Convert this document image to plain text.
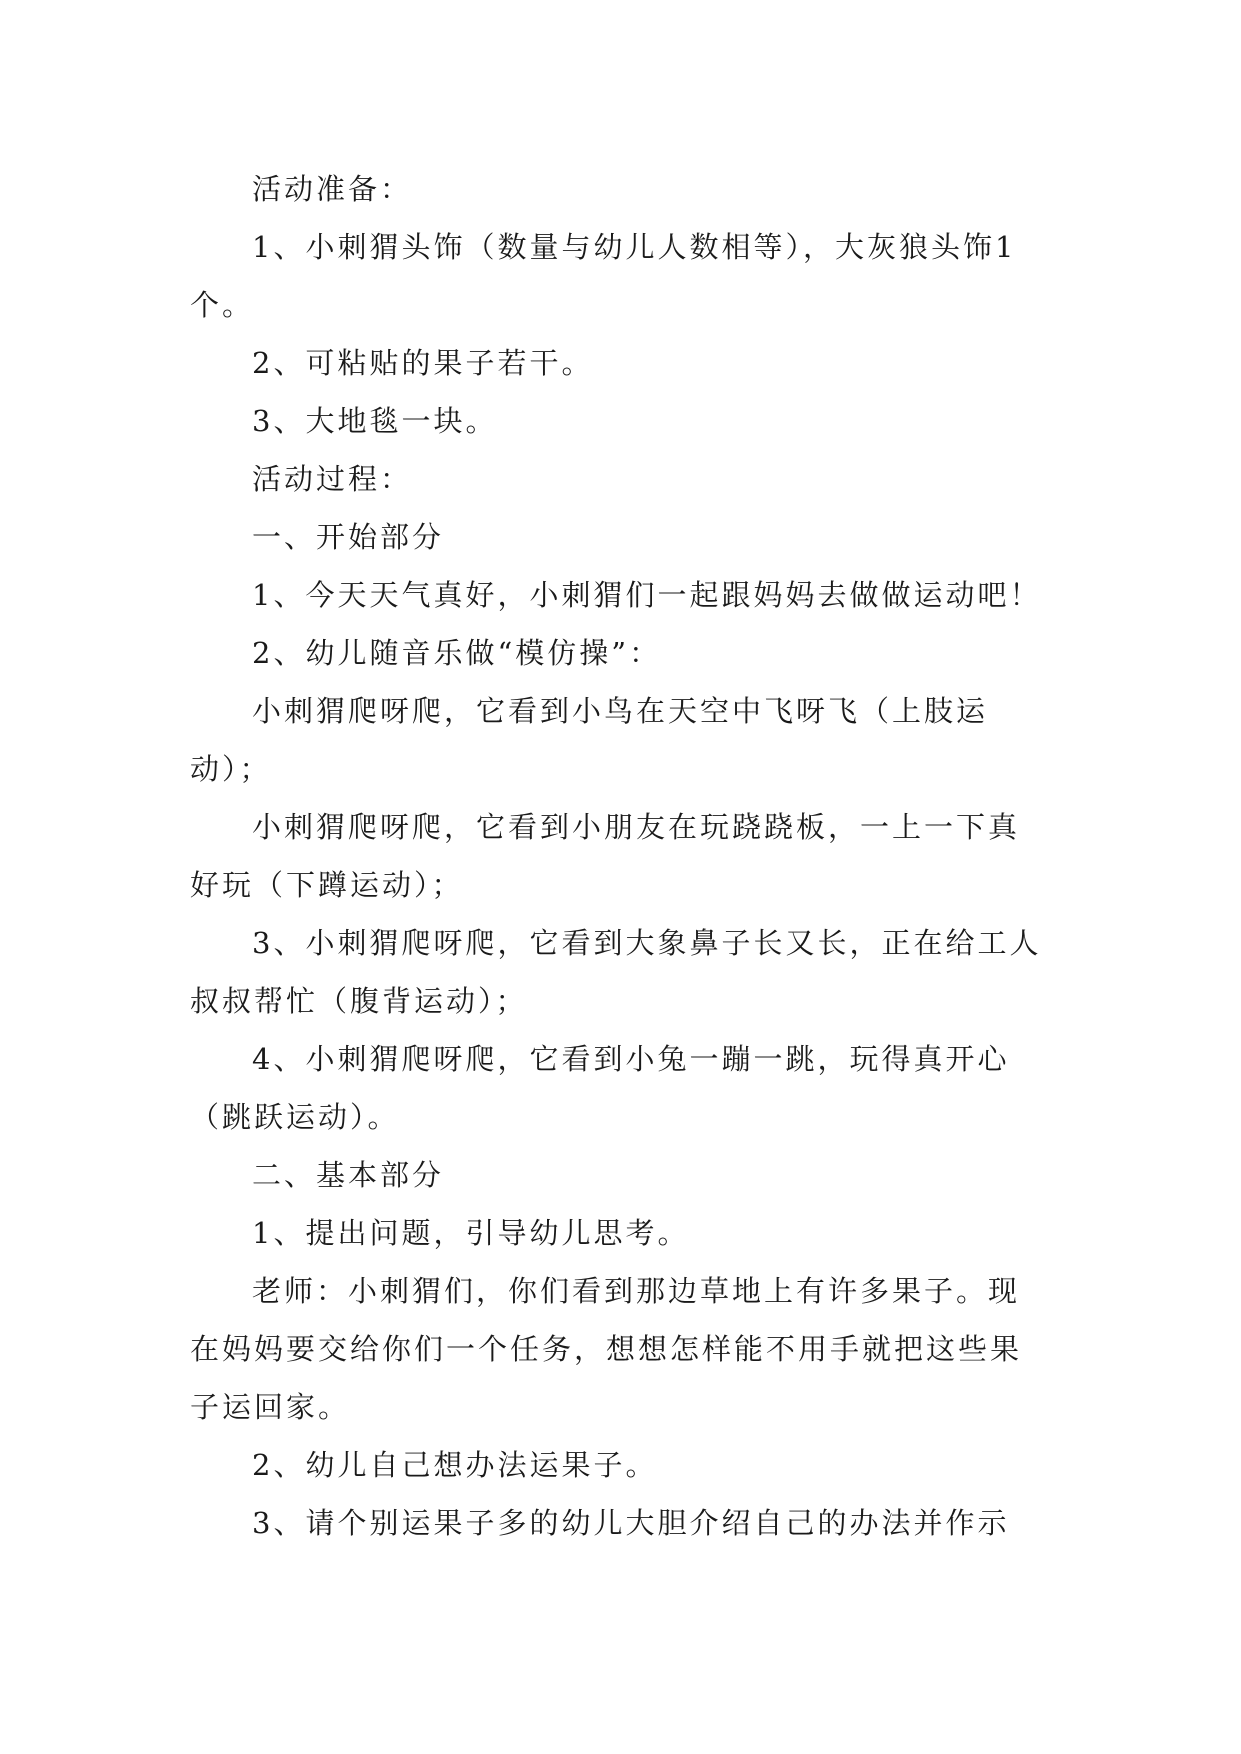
活动准备：

1、小刺猬头饰（数量与幼儿人数相等），大灰狼头饰1个。

2、可粘贴的果子若干。

3、大地毯一块。

活动过程：

一、开始部分

1、今天天气真好，小刺猬们一起跟妈妈去做做运动吧！

2、幼儿随音乐做“模仿操”：

小刺猬爬呀爬，它看到小鸟在天空中飞呀飞（上肢运动）；

小刺猬爬呀爬，它看到小朋友在玩跷跷板，一上一下真好玩（下蹲运动）；

3、小刺猬爬呀爬，它看到大象鼻子长又长，正在给工人叔叔帮忙（腹背运动）；

4、小刺猬爬呀爬，它看到小兔一蹦一跳，玩得真开心（跳跃运动）。

二、基本部分

1、提出问题，引导幼儿思考。

老师：小刺猬们，你们看到那边草地上有许多果子。现在妈妈要交给你们一个任务，想想怎样能不用手就把这些果子运回家。

2、幼儿自己想办法运果子。

3、请个别运果子多的幼儿大胆介绍自己的办法并作示
